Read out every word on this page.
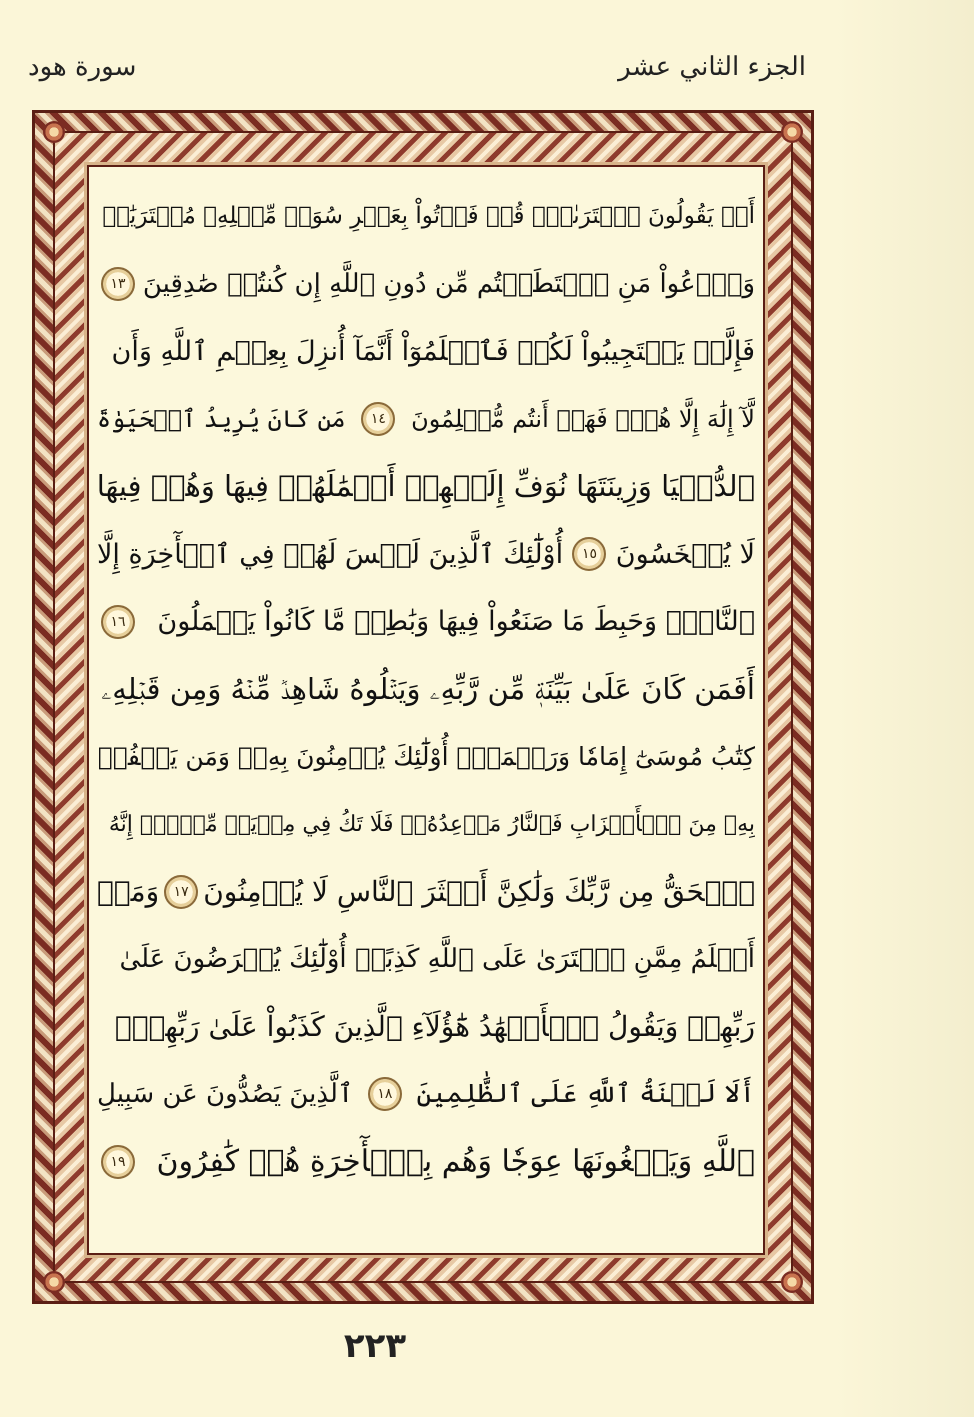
الجزء الثاني عشر
سورة هود
أَمۡ يَقُولُونَ ٱفۡتَرَىٰهُۖ قُلۡ فَأۡتُواْ بِعَشۡرِ سُوَرٖ مِّثۡلِهِۦ مُفۡتَرَيَٰتٖ
وَٱدۡعُواْ مَنِ ٱسۡتَطَعۡتُم مِّن دُونِ ٱللَّهِ إِن كُنتُمۡ صَٰدِقِينَ
١٣
فَإِلَّمۡ يَسۡتَجِيبُواْ لَكُمۡ فَٱعۡلَمُوٓاْ أَنَّمَآ أُنزِلَ بِعِلۡمِ ٱللَّهِ وَأَن
لَّآ إِلَٰهَ إِلَّا هُوَۖ فَهَلۡ أَنتُم مُّسۡلِمُونَ
١٤
مَن كَانَ يُرِيدُ ٱلۡحَيَوٰةَ
ٱلدُّنۡيَا وَزِينَتَهَا نُوَفِّ إِلَيۡهِمۡ أَعۡمَٰلَهُمۡ فِيهَا وَهُمۡ فِيهَا
لَا يُبۡخَسُونَ
١٥
أُوْلَٰٓئِكَ ٱلَّذِينَ لَيۡسَ لَهُمۡ فِي ٱلۡأٓخِرَةِ إِلَّا
ٱلنَّارُۖ وَحَبِطَ مَا صَنَعُواْ فِيهَا وَبَٰطِلٞ مَّا كَانُواْ يَعۡمَلُونَ
١٦
أَفَمَن كَانَ عَلَىٰ بَيِّنَةٖ مِّن رَّبِّهِۦ وَيَتۡلُوهُ شَاهِدٞ مِّنۡهُ وَمِن قَبۡلِهِۦ
كِتَٰبُ مُوسَىٰٓ إِمَامٗا وَرَحۡمَةًۚ أُوْلَٰٓئِكَ يُؤۡمِنُونَ بِهِۦۚ وَمَن يَكۡفُرۡ
بِهِۦ مِنَ ٱلۡأَحۡزَابِ فَٱلنَّارُ مَوۡعِدُهُۥۚ فَلَا تَكُ فِي مِرۡيَةٖ مِّنۡهُۚ إِنَّهُ
ٱلۡحَقُّ مِن رَّبِّكَ وَلَٰكِنَّ أَكۡثَرَ ٱلنَّاسِ لَا يُؤۡمِنُونَ
١٧
وَمَنۡ
أَظۡلَمُ مِمَّنِ ٱفۡتَرَىٰ عَلَى ٱللَّهِ كَذِبًاۚ أُوْلَٰٓئِكَ يُعۡرَضُونَ عَلَىٰ
رَبِّهِمۡ وَيَقُولُ ٱلۡأَشۡهَٰدُ هَٰٓؤُلَآءِ ٱلَّذِينَ كَذَبُواْ عَلَىٰ رَبِّهِمۡۚ
أَلَا لَعۡنَةُ ٱللَّهِ عَلَى ٱلظَّٰلِمِينَ
١٨
ٱلَّذِينَ يَصُدُّونَ عَن سَبِيلِ
ٱللَّهِ وَيَبۡغُونَهَا عِوَجٗا وَهُم بِٱلۡأٓخِرَةِ هُمۡ كَٰفِرُونَ
١٩
٢٢٣
